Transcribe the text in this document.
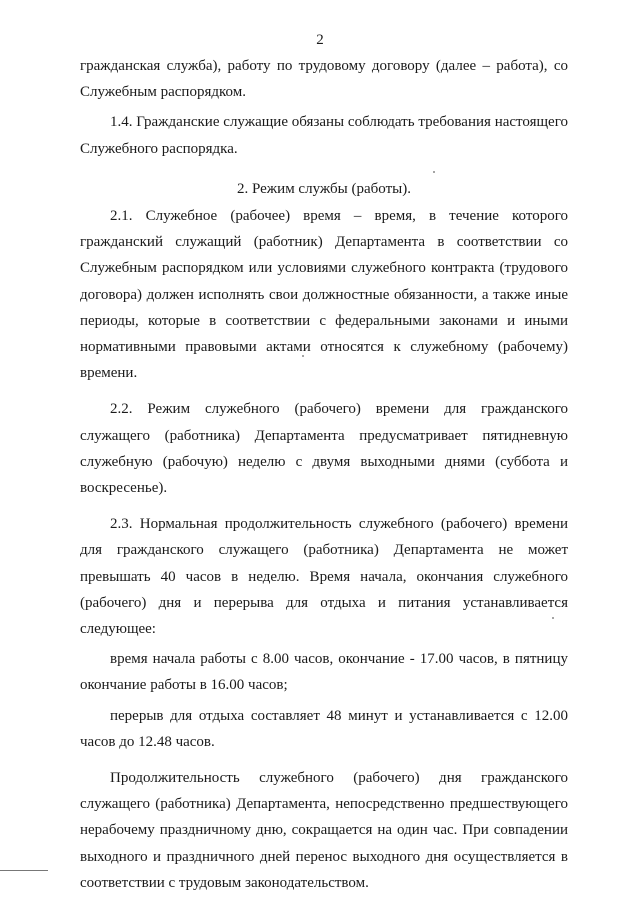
2

гражданская служба), работу по трудовому договору (далее – работа), со Служебным распорядком.

1.4. Гражданские служащие обязаны соблюдать требования настоящего Служебного распорядка.

2. Режим службы (работы).

2.1. Служебное (рабочее) время – время, в течение которого гражданский служащий (работник) Департамента в соответствии со Служебным распорядком или условиями служебного контракта (трудового договора) должен исполнять свои должностные обязанности, а также иные периоды, которые в соответствии с федеральными законами и иными нормативными правовыми актами относятся к служебному (рабочему) времени.

2.2. Режим служебного (рабочего) времени для гражданского служащего (работника) Департамента предусматривает пятидневную служебную (рабочую) неделю с двумя выходными днями (суббота и воскресенье).

2.3. Нормальная продолжительность служебного (рабочего) времени для гражданского служащего (работника) Департамента не может превышать 40 часов в неделю. Время начала, окончания служебного (рабочего) дня и перерыва для отдыха и питания устанавливается следующее:

время начала работы с 8.00 часов, окончание - 17.00 часов, в пятницу окончание работы в 16.00 часов;

перерыв для отдыха составляет 48 минут и устанавливается с 12.00 часов до 12.48 часов.

Продолжительность служебного (рабочего) дня гражданского служащего (работника) Департамента, непосредственно предшествующего нерабочему праздничному дню, сокращается на один час. При совпадении выходного и праздничного дней перенос выходного дня осуществляется в соответствии с трудовым законодательством.
